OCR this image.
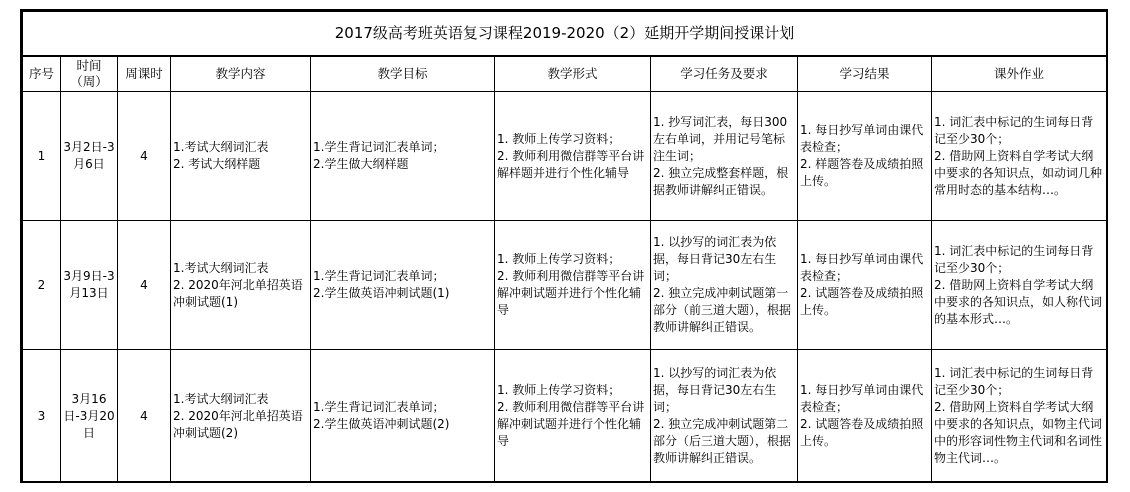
2017级高考班英语复习课程2019-2020（2）延期开学期间授课计划								
序号	时间（周）	周课时	教学内容	教学目标	教学形式	学习任务及要求	学习结果	课外作业
1	3月2日-3月6日	4	1.考试大纲词汇表
2. 考试大纲样题	1.学生背记词汇表单词；
2.学生做大纲样题	1. 教师上传学习资料；
2. 教师利用微信群等平台讲解样题并进行个性化辅导	1. 抄写词汇表，每日300左右单词，并用记号笔标注生词；
2. 独立完成整套样题，根据教师讲解纠正错误。	1. 每日抄写单词由课代表检查；
2. 样题答卷及成绩拍照上传。	1. 词汇表中标记的生词每日背记至少30个；
2. 借助网上资料自学考试大纲中要求的各知识点，如动词几种常用时态的基本结构…。

2	3月9日-3月13日	4	1.考试大纲词汇表
2. 2020年河北单招英语冲刺试题(1)	1.学生背记词汇表单词；
2.学生做英语冲刺试题(1)	1. 教师上传学习资料；
2. 教师利用微信群等平台讲解冲刺试题并进行个性化辅导	1. 以抄写的词汇表为依据，每日背记30左右生词；
2. 独立完成冲刺试题第一部分（前三道大题），根据教师讲解纠正错误。	1. 每日抄写单词由课代表检查；
2. 试题答卷及成绩拍照上传。	1. 词汇表中标记的生词每日背记至少30个；
2. 借助网上资料自学考试大纲中要求的各知识点，如人称代词的基本形式…。

3	3月16日-3月20日	4	1.考试大纲词汇表
2. 2020年河北单招英语冲刺试题(2)	1.学生背记词汇表单词；
2.学生做英语冲刺试题(2)	1. 教师上传学习资料；
2. 教师利用微信群等平台讲解冲刺试题并进行个性化辅导	1. 以抄写的词汇表为依据，每日背记30左右生词；
2. 独立完成冲刺试题第二部分（后三道大题），根据教师讲解纠正错误。	1. 每日抄写单词由课代表检查；
2. 试题答卷及成绩拍照上传。	1. 词汇表中标记的生词每日背记至少30个；
2. 借助网上资料自学考试大纲中要求的各知识点，如物主代词中的形容词性物主代词和名词性物主代词…。
